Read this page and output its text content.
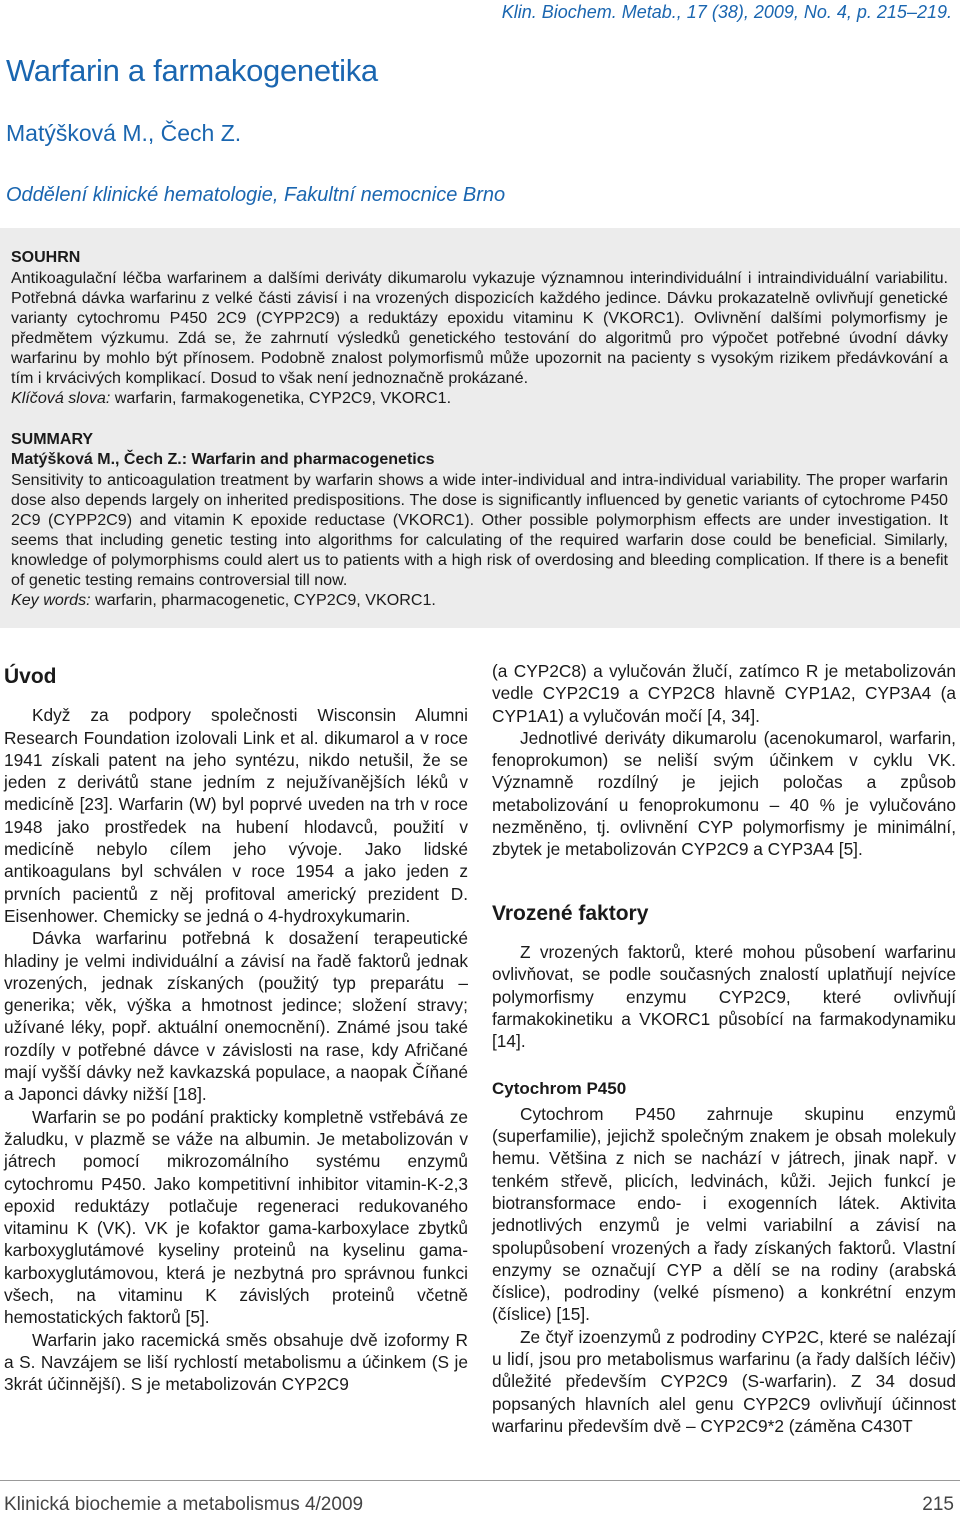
Klin. Biochem. Metab., 17 (38), 2009, No. 4, p. 215–219.
Warfarin a farmakogenetika
Matýšková M., Čech Z.
Oddělení klinické hematologie, Fakultní nemocnice Brno

SOUHRN

Antikoagulační léčba warfarinem a dalšími deriváty dikumarolu vykazuje významnou interindividuální i intraindividuální variabilitu. Potřebná dávka warfarinu z velké části závisí i na vrozených dispozicích každého jedince. Dávku prokazatelně ovlivňují genetické varianty cytochromu P450 2C9 (CYPP2C9) a reduktázy epoxidu vitaminu K (VKORC1). Ovlivnění dalšími polymorfismy je předmětem výzkumu. Zdá se, že zahrnutí výsledků genetického testování do algoritmů pro výpočet potřebné úvodní dávky warfarinu by mohlo být přínosem. Podobně znalost polymorfismů může upozornit na pacienty s vysokým rizikem předávkování a tím i krvácivých komplikací. Dosud to však není jednoznačně prokázané.

Klíčová slova: warfarin, farmakogenetika, CYP2C9, VKORC1.

SUMMARY

Matýšková M., Čech Z.: Warfarin and pharmacogenetics

Sensitivity to anticoagulation treatment by warfarin shows a wide inter-individual and intra-individual variability. The proper warfarin dose also depends largely on inherited predispositions. The dose is significantly influenced by genetic variants of cytochrome P450 2C9 (CYPP2C9) and vitamin K epoxide reductase (VKORC1). Other possible polymorphism effects are under investigation. It seems that including genetic testing into algorithms for calculating of the required warfarin dose could be beneficial. Similarly, knowledge of polymorphisms could alert us to patients with a high risk of overdosing and bleeding complication. If there is a benefit of genetic testing remains controversial till now.

Key words: warfarin, pharmacogenetic, CYP2C9, VKORC1.

Úvod

Když za podpory společnosti Wisconsin Alumni Research Foundation izolovali Link et al. dikumarol a v roce 1941 získali patent na jeho syntézu, nikdo netušil, že se jeden z derivátů stane jedním z nejužívanějších léků v medicíně [23]. Warfarin (W) byl poprvé uveden na trh v roce 1948 jako prostředek na hubení hlodavců, použití v medicíně nebylo cílem jeho vývoje. Jako lidské antikoagulans byl schválen v roce 1954 a jako jeden z prvních pacientů z něj profitoval americký prezident D. Eisenhower. Chemicky se jedná o 4-hydroxykumarin.

Dávka warfarinu potřebná k dosažení terapeutické hladiny je velmi individuální a závisí na řadě faktorů jednak vrozených, jednak získaných (použitý typ preparátu – generika; věk, výška a hmotnost jedince; složení stravy; užívané léky, popř. aktuální onemocnění). Známé jsou také rozdíly v potřebné dávce v závislosti na rase, kdy Afričané mají vyšší dávky než kavkazská populace, a naopak Číňané a Japonci dávky nižší [18].

Warfarin se po podání prakticky kompletně vstřebává ze žaludku, v plazmě se váže na albumin. Je metabolizován v játrech pomocí mikrozomálního systému enzymů cytochromu P450. Jako kompetitivní inhibitor vitamin-K-2,3 epoxid reduktázy potlačuje regeneraci redukovaného vitaminu K (VK). VK je kofaktor gama-karboxylace zbytků karboxyglutámové kyseliny proteinů na kyselinu gama-karboxyglutámovou, která je nezbytná pro správnou funkci všech, na vitaminu K závislých proteinů včetně hemostatických faktorů [5].

Warfarin jako racemická směs obsahuje dvě izoformy R a S. Navzájem se liší rychlostí metabolismu a účinkem (S je 3krát účinnější). S je metabolizován CYP2C9

(a CYP2C8) a vylučován žlučí, zatímco R je metabolizován vedle CYP2C19 a CYP2C8 hlavně CYP1A2, CYP3A4 (a CYP1A1) a vylučován močí [4, 34].

Jednotlivé deriváty dikumarolu (acenokumarol, warfarin, fenoprokumon) se neliší svým účinkem v cyklu VK. Významně rozdílný je jejich poločas a způsob metabolizování u fenoprokumonu – 40 % je vylučováno nezměněno, tj. ovlivnění CYP polymorfismy je minimální, zbytek je metabolizován CYP2C9 a CYP3A4 [5].

Vrozené faktory

Z vrozených faktorů, které mohou působení warfarinu ovlivňovat, se podle současných znalostí uplatňují nejvíce polymorfismy enzymu CYP2C9, které ovlivňují farmakokinetiku a VKORC1 působící na farmakodynamiku [14].

Cytochrom P450

Cytochrom P450 zahrnuje skupinu enzymů (superfamilie), jejichž společným znakem je obsah molekuly hemu. Většina z nich se nachází v játrech, jinak např. v tenkém střevě, plicích, ledvinách, kůži. Jejich funkcí je biotransformace endo- i exogenních látek. Aktivita jednotlivých enzymů je velmi variabilní a závisí na spolupůsobení vrozených a řady získaných faktorů. Vlastní enzymy se označují CYP a dělí se na rodiny (arabská číslice), podrodiny (velké písmeno) a konkrétní enzym (číslice) [15].

Ze čtyř izoenzymů z podrodiny CYP2C, které se nalézají u lidí, jsou pro metabolismus warfarinu (a řady dalších léčiv) důležité především CYP2C9 (S-warfarin). Z 34 dosud popsaných hlavních alel genu CYP2C9 ovlivňují účinnost warfarinu především dvě – CYP2C9*2 (záměna C430T

Klinická biochemie a metabolismus 4/2009	215
